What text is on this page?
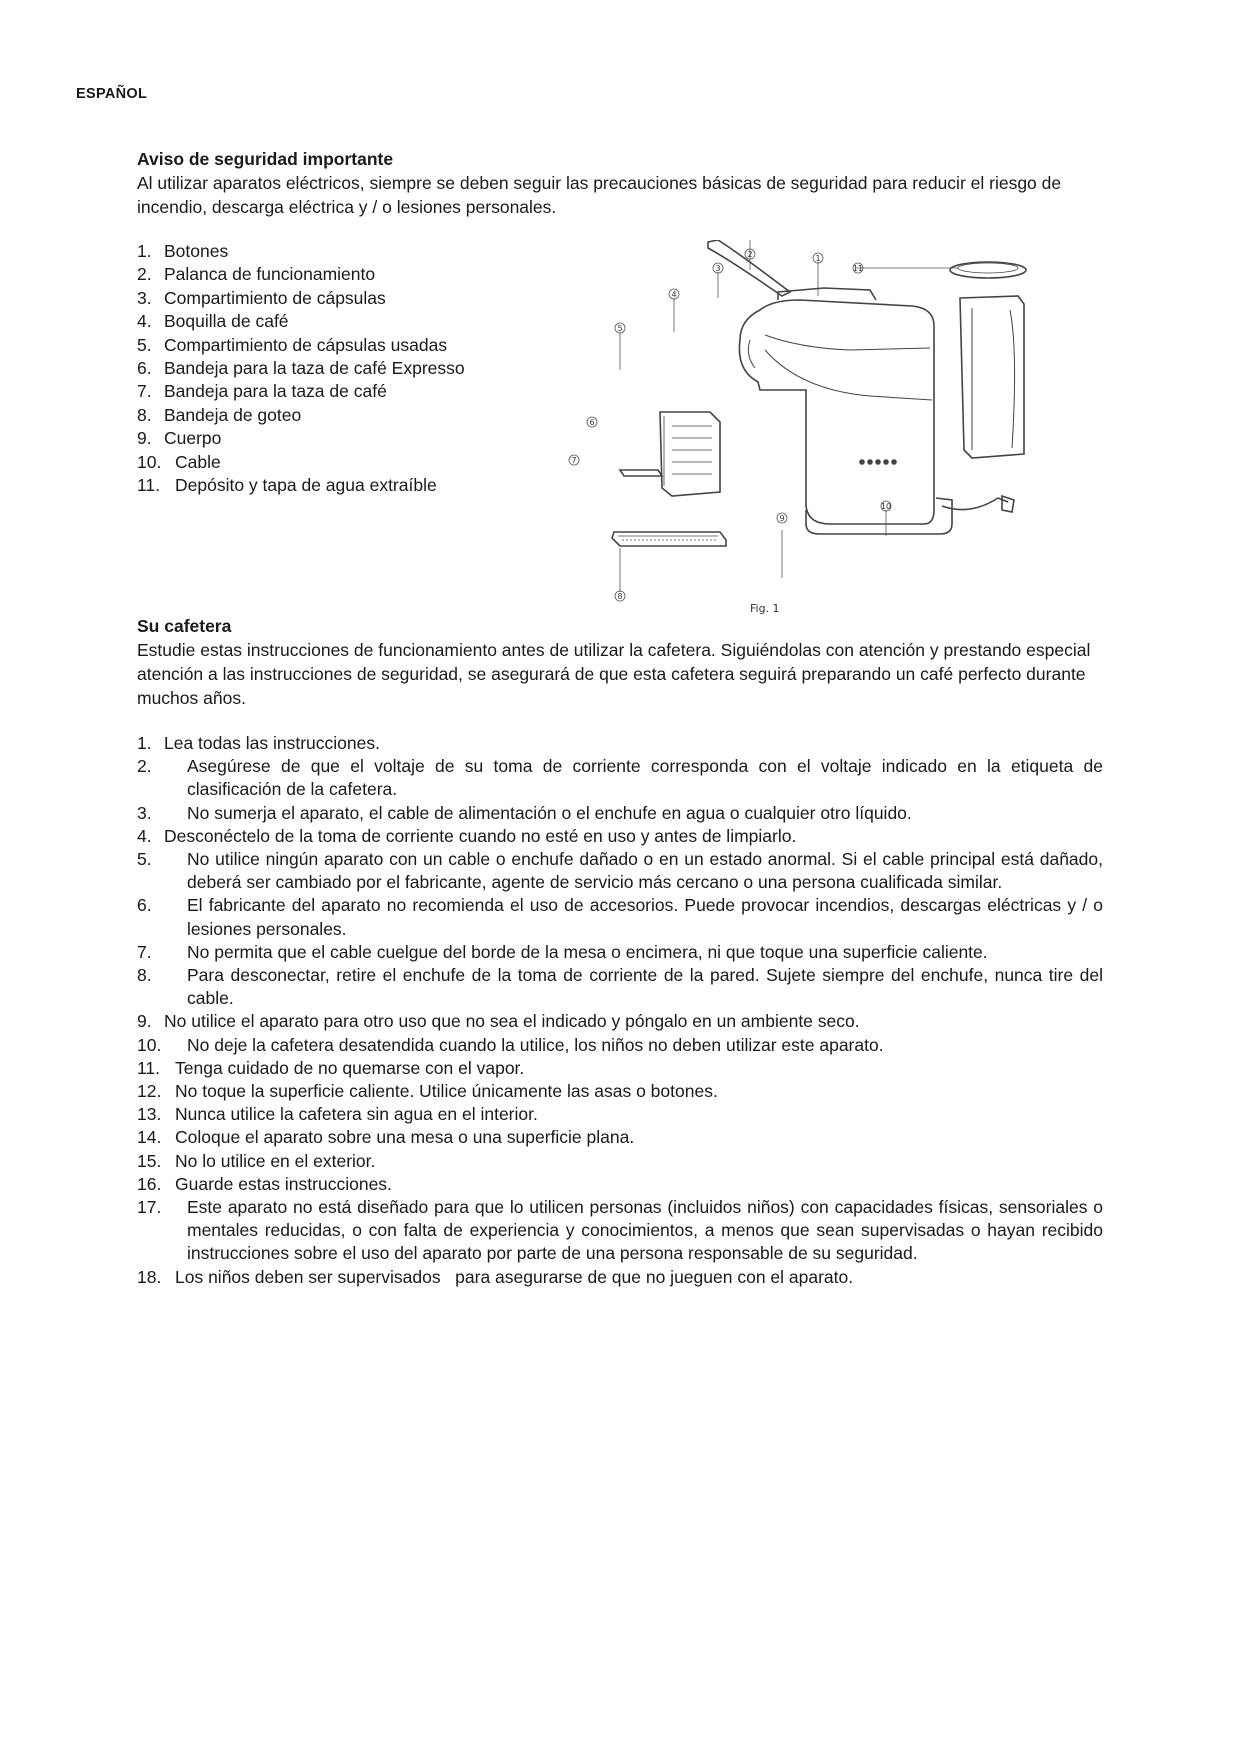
ESPAÑOL

Aviso de seguridad importante

Al utilizar aparatos eléctricos, siempre se deben seguir las precauciones básicas de seguridad para reducir el riesgo de incendio, descarga eléctrica y / o lesiones personales.

1. Botones
2. Palanca de funcionamiento
3. Compartimiento de cápsulas
4. Boquilla de café
5. Compartimiento de cápsulas usadas
6. Bandeja para la taza de café Expresso
7. Bandeja para la taza de café
8. Bandeja de goteo
9. Cuerpo
10. Cable
11. Depósito y tapa de agua extraíble
1
3
4
5
9
10
11
8
Fig. 1
6
7
2

Su cafetera

Estudie estas instrucciones de funcionamiento antes de utilizar la cafetera. Siguiéndolas con atención y prestando especial atención a las instrucciones de seguridad, se asegurará de que esta cafetera seguirá preparando un café perfecto durante muchos años.

1. Lea todas las instrucciones.
2. Asegúrese de que el voltaje de su toma de corriente corresponda con el voltaje indicado en la etiqueta de clasificación de la cafetera.
3. No sumerja el aparato, el cable de alimentación o el enchufe en agua o cualquier otro líquido.
4. Desconéctelo de la toma de corriente cuando no esté en uso y antes de limpiarlo.
5. No utilice ningún aparato con un cable o enchufe dañado o en un estado anormal. Si el cable principal está dañado, deberá ser cambiado por el fabricante, agente de servicio más cercano o una persona cualificada similar.
6. El fabricante del aparato no recomienda el uso de accesorios. Puede provocar incendios, descargas eléctricas y / o lesiones personales.
7. No permita que el cable cuelgue del borde de la mesa o encimera, ni que toque una superficie caliente.
8. Para desconectar, retire el enchufe de la toma de corriente de la pared. Sujete siempre del enchufe, nunca tire del cable.
9. No utilice el aparato para otro uso que no sea el indicado y póngalo en un ambiente seco.
10. No deje la cafetera desatendida cuando la utilice, los niños no deben utilizar este aparato.
11. Tenga cuidado de no quemarse con el vapor.
12. No toque la superficie caliente. Utilice únicamente las asas o botones.
13. Nunca utilice la cafetera sin agua en el interior.
14. Coloque el aparato sobre una mesa o una superficie plana.
15. No lo utilice en el exterior.
16. Guarde estas instrucciones.
17. Este aparato no está diseñado para que lo utilicen personas (incluidos niños) con capacidades físicas, sensoriales o mentales reducidas, o con falta de experiencia y conocimientos, a menos que sean supervisadas o hayan recibido instrucciones sobre el uso del aparato por parte de una persona responsable de su seguridad.
18. Los niños deben ser supervisados   para asegurarse de que no jueguen con el aparato.
